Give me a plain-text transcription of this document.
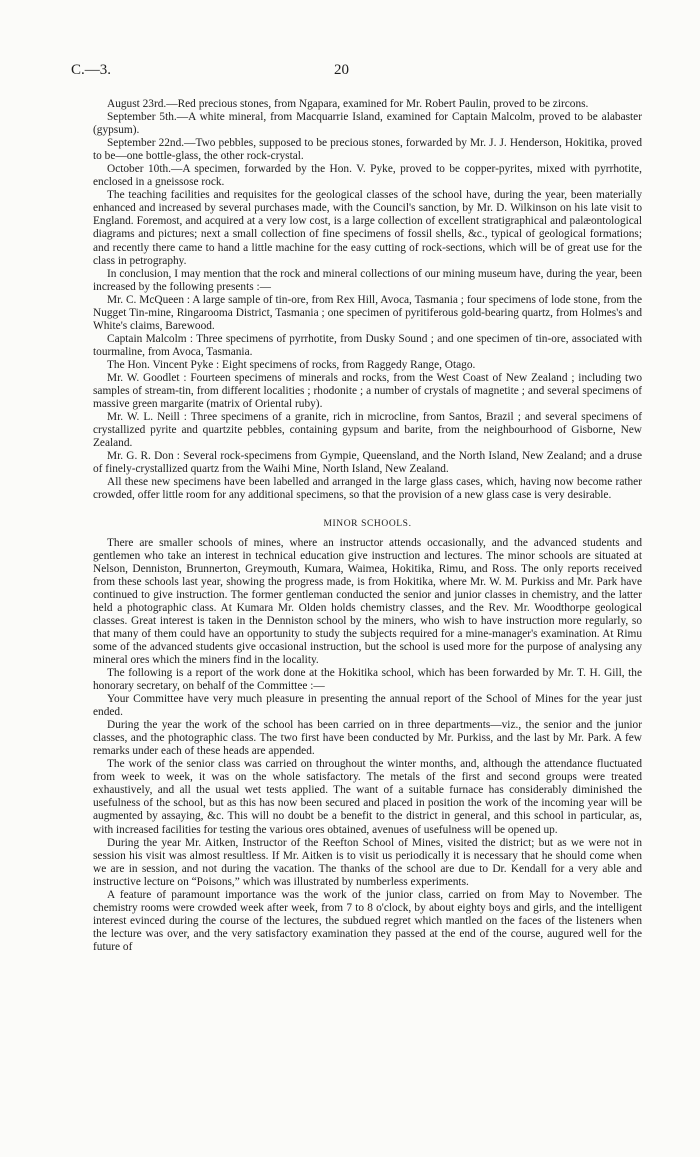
C.—3.	20

August 23rd.—Red precious stones, from Ngapara, examined for Mr. Robert Paulin, proved to be zircons.

September 5th.—A white mineral, from Macquarrie Island, examined for Captain Malcolm, proved to be alabaster (gypsum).

September 22nd.—Two pebbles, supposed to be precious stones, forwarded by Mr. J. J. Henderson, Hokitika, proved to be—one bottle-glass, the other rock-crystal.

October 10th.—A specimen, forwarded by the Hon. V. Pyke, proved to be copper-pyrites, mixed with pyrrhotite, enclosed in a gneissose rock.

The teaching facilities and requisites for the geological classes of the school have, during the year, been materially enhanced and increased by several purchases made, with the Council's sanction, by Mr. D. Wilkinson on his late visit to England. Foremost, and acquired at a very low cost, is a large collection of excellent stratigraphical and palæontological diagrams and pictures; next a small collection of fine specimens of fossil shells, &c., typical of geological formations; and recently there came to hand a little machine for the easy cutting of rock-sections, which will be of great use for the class in petrography.

In conclusion, I may mention that the rock and mineral collections of our mining museum have, during the year, been increased by the following presents :—

Mr. C. McQueen : A large sample of tin-ore, from Rex Hill, Avoca, Tasmania ; four specimens of lode stone, from the Nugget Tin-mine, Ringarooma District, Tasmania ; one specimen of pyritiferous gold-bearing quartz, from Holmes's and White's claims, Barewood.

Captain Malcolm : Three specimens of pyrrhotite, from Dusky Sound ; and one specimen of tin-ore, associated with tourmaline, from Avoca, Tasmania.

The Hon. Vincent Pyke : Eight specimens of rocks, from Raggedy Range, Otago.

Mr. W. Goodlet : Fourteen specimens of minerals and rocks, from the West Coast of New Zealand ; including two samples of stream-tin, from different localities ; rhodonite ; a number of crystals of magnetite ; and several specimens of massive green margarite (matrix of Oriental ruby).

Mr. W. L. Neill : Three specimens of a granite, rich in microcline, from Santos, Brazil ; and several specimens of crystallized pyrite and quartzite pebbles, containing gypsum and barite, from the neighbourhood of Gisborne, New Zealand.

Mr. G. R. Don : Several rock-specimens from Gympie, Queensland, and the North Island, New Zealand; and a druse of finely-crystallized quartz from the Waihi Mine, North Island, New Zealand.

All these new specimens have been labelled and arranged in the large glass cases, which, having now become rather crowded, offer little room for any additional specimens, so that the provision of a new glass case is very desirable.

MINOR SCHOOLS.

There are smaller schools of mines, where an instructor attends occasionally, and the advanced students and gentlemen who take an interest in technical education give instruction and lectures. The minor schools are situated at Nelson, Denniston, Brunnerton, Greymouth, Kumara, Waimea, Hokitika, Rimu, and Ross. The only reports received from these schools last year, showing the progress made, is from Hokitika, where Mr. W. M. Purkiss and Mr. Park have continued to give instruction. The former gentleman conducted the senior and junior classes in chemistry, and the latter held a photographic class. At Kumara Mr. Olden holds chemistry classes, and the Rev. Mr. Woodthorpe geological classes. Great interest is taken in the Denniston school by the miners, who wish to have instruction more regularly, so that many of them could have an opportunity to study the subjects required for a mine-manager's examination. At Rimu some of the advanced students give occasional instruction, but the school is used more for the purpose of analysing any mineral ores which the miners find in the locality.

The following is a report of the work done at the Hokitika school, which has been forwarded by Mr. T. H. Gill, the honorary secretary, on behalf of the Committee :—

Your Committee have very much pleasure in presenting the annual report of the School of Mines for the year just ended.

During the year the work of the school has been carried on in three departments—viz., the senior and the junior classes, and the photographic class. The two first have been conducted by Mr. Purkiss, and the last by Mr. Park. A few remarks under each of these heads are appended.

The work of the senior class was carried on throughout the winter months, and, although the attendance fluctuated from week to week, it was on the whole satisfactory. The metals of the first and second groups were treated exhaustively, and all the usual wet tests applied. The want of a suitable furnace has considerably diminished the usefulness of the school, but as this has now been secured and placed in position the work of the incoming year will be augmented by assaying, &c. This will no doubt be a benefit to the district in general, and this school in particular, as, with increased facilities for testing the various ores obtained, avenues of usefulness will be opened up.

During the year Mr. Aitken, Instructor of the Reefton School of Mines, visited the district; but as we were not in session his visit was almost resultless. If Mr. Aitken is to visit us periodically it is necessary that he should come when we are in session, and not during the vacation. The thanks of the school are due to Dr. Kendall for a very able and instructive lecture on “Poisons,” which was illustrated by numberless experiments.

A feature of paramount importance was the work of the junior class, carried on from May to November. The chemistry rooms were crowded week after week, from 7 to 8 o'clock, by about eighty boys and girls, and the intelligent interest evinced during the course of the lectures, the subdued regret which mantled on the faces of the listeners when the lecture was over, and the very satisfactory examination they passed at the end of the course, augured well for the future of
